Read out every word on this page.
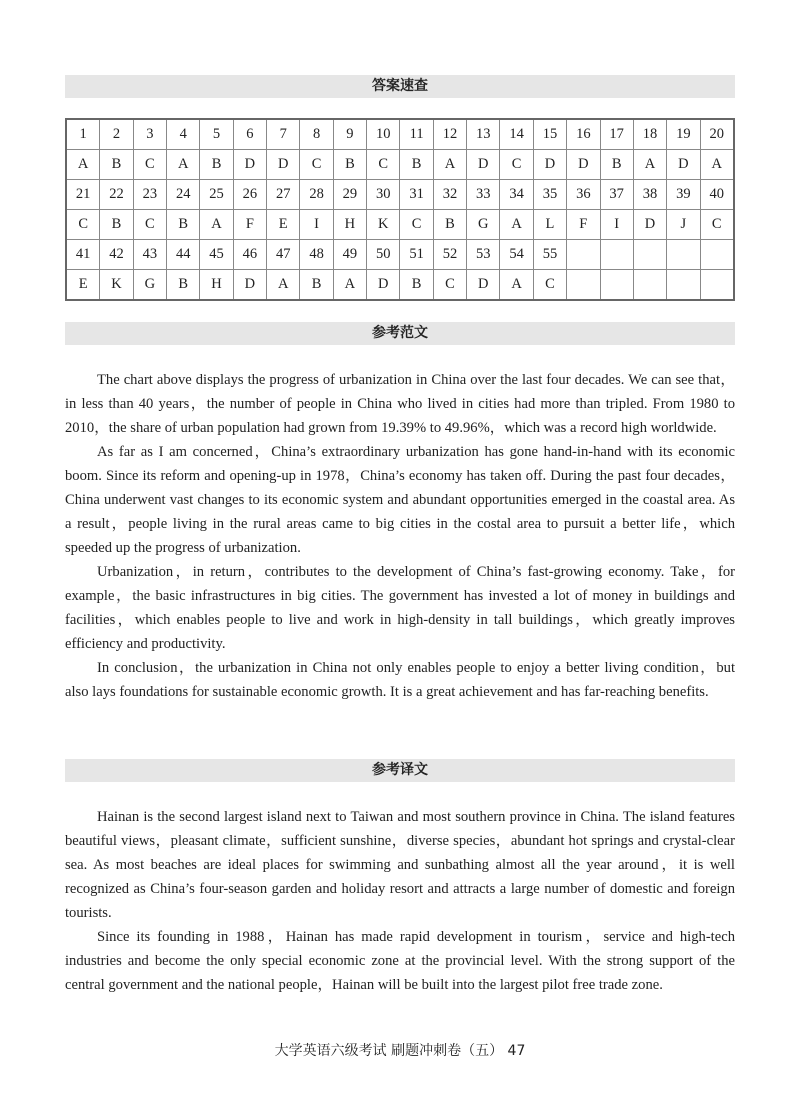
答案速查
1	2	3	4	5	6	7	8	9	10	11	12	13	14	15	16	17	18	19	20
A	B	C	A	B	D	D	C	B	C	B	A	D	C	D	D	B	A	D	A
21	22	23	24	25	26	27	28	29	30	31	32	33	34	35	36	37	38	39	40
C	B	C	B	A	F	E	I	H	K	C	B	G	A	L	F	I	D	J	C
41	42	43	44	45	46	47	48	49	50	51	52	53	54	55					
E	K	G	B	H	D	A	B	A	D	B	C	D	A	C					
参考范文

The chart above displays the progress of urbanization in China over the last four decades. We can see that，in less than 40 years，the number of people in China who lived in cities had more than tripled. From 1980 to 2010，the share of urban population had grown from 19.39% to 49.96%，which was a record high worldwide.

As far as I am concerned，China’s extraordinary urbanization has gone hand-in-hand with its economic boom. Since its reform and opening-up in 1978，China’s economy has taken off. During the past four decades，China underwent vast changes to its economic system and abundant opportunities emerged in the coastal area. As a result，people living in the rural areas came to big cities in the costal area to pursuit a better life，which speeded up the progress of urbanization.

Urbanization，in return，contributes to the development of China’s fast-growing economy. Take，for example，the basic infrastructures in big cities. The government has invested a lot of money in buildings and facilities，which enables people to live and work in high-density in tall buildings，which greatly improves efficiency and productivity.

In conclusion，the urbanization in China not only enables people to enjoy a better living condition，but also lays foundations for sustainable economic growth. It is a great achievement and has far-reaching benefits.

参考译文

Hainan is the second largest island next to Taiwan and most southern province in China. The island features beautiful views，pleasant climate，sufficient sunshine，diverse species，abundant hot springs and crystal-clear sea. As most beaches are ideal places for swimming and sunbathing almost all the year around，it is well recognized as China’s four-season garden and holiday resort and attracts a large number of domestic and foreign tourists.

Since its founding in 1988，Hainan has made rapid development in tourism，service and high-tech industries and become the only special economic zone at the provincial level. With the strong support of the central government and the national people，Hainan will be built into the largest pilot free trade zone.

大学英语六级考试 刷题冲刺卷（五） 47
